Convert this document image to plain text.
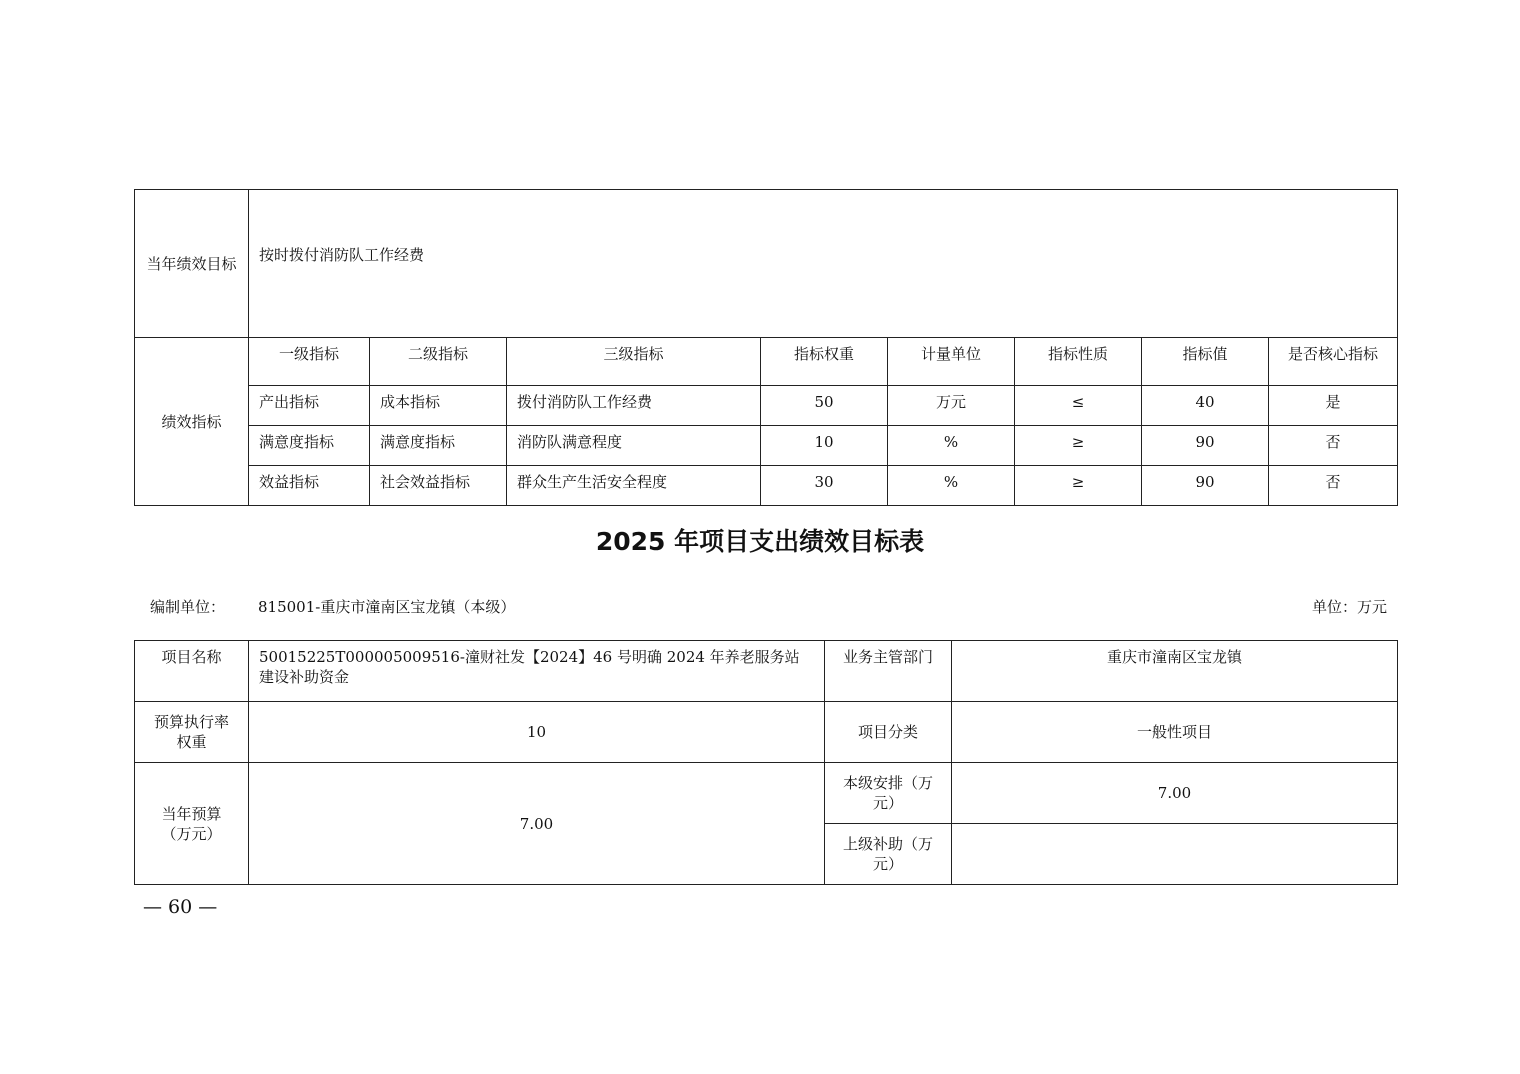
当年绩效目标	按时拨付消防队工作经费							
绩效指标	一级指标	二级指标	三级指标	指标权重	计量单位	指标性质	指标值	是否核心指标
	产出指标	成本指标	拨付消防队工作经费	50	万元	≤	40	是
	满意度指标	满意度指标	消防队满意程度	10	%	≥	90	否
	效益指标	社会效益指标	群众生产生活安全程度	30	%	≥	90	否
2025 年项目支出绩效目标表
编制单位： 815001-重庆市潼南区宝龙镇（本级）	单位：万元
项目名称	50015225T000005009516-潼财社发【2024】46 号明确 2024 年养老服务站建设补助资金	业务主管部门	重庆市潼南区宝龙镇
预算执行率权重	10	项目分类	一般性项目
当年预算（万元）	7.00	本级安排（万元）	7.00
		上级补助（万元）	
— 60 —
